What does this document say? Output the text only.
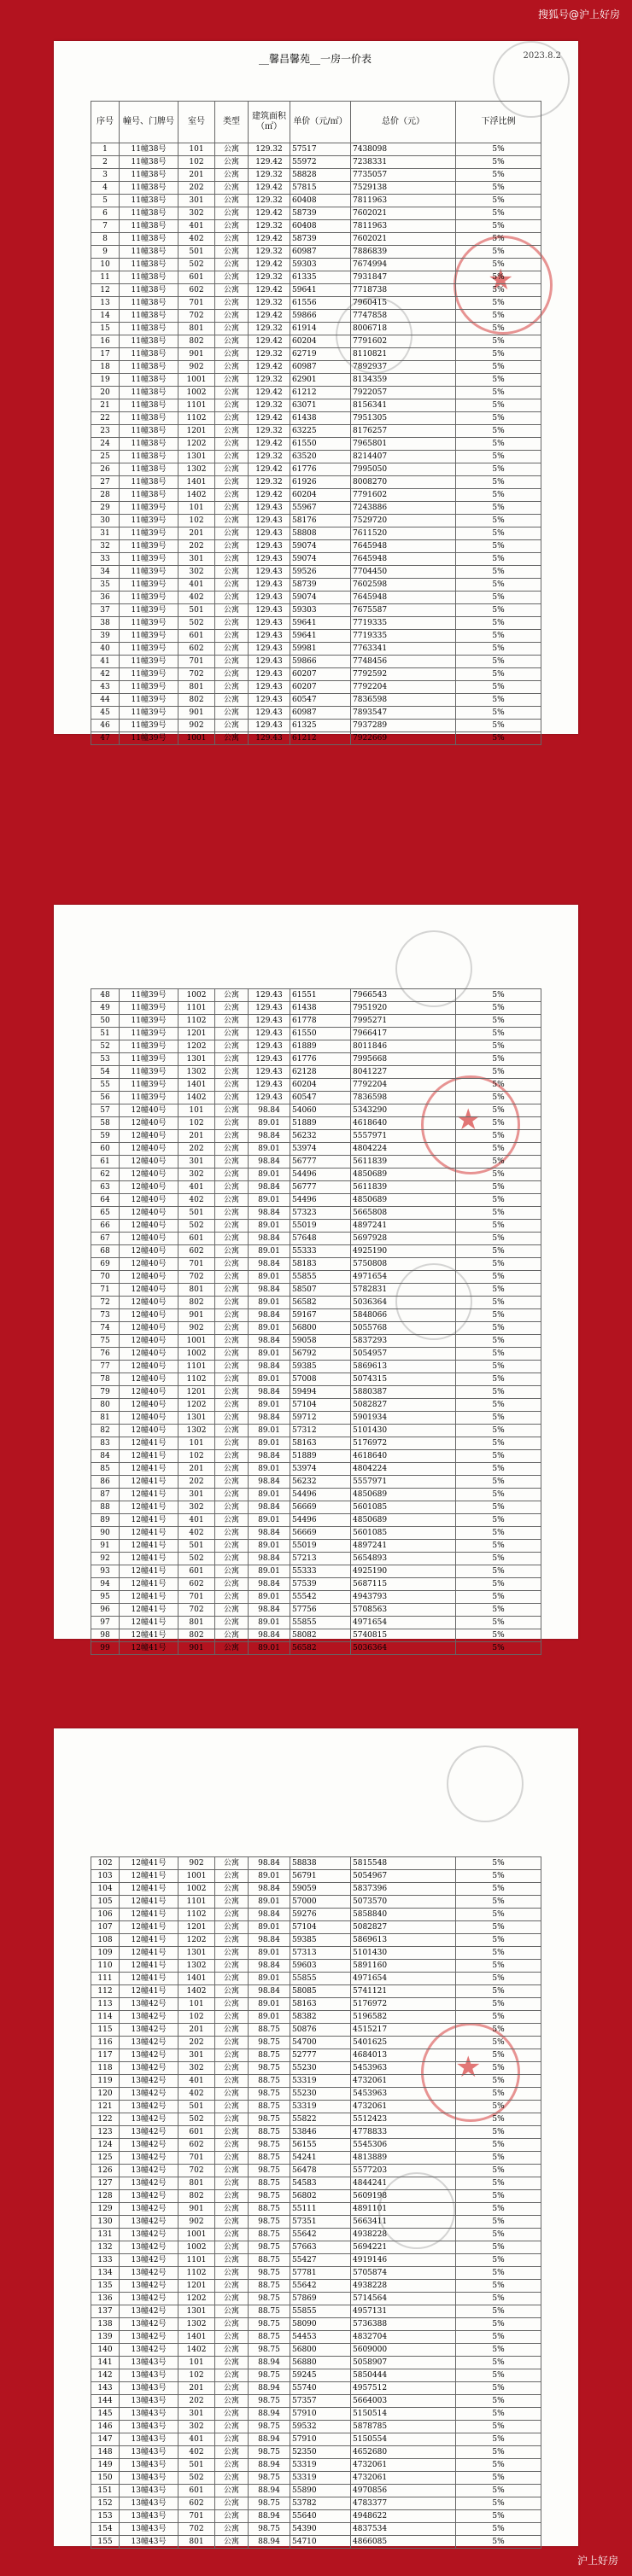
搜狐号@沪上好房
__馨昌馨苑__一房一价表	2023.8.2
★
序号	幢号、门牌号	室号	类型	建筑面积（㎡）	单价（元/㎡）	总价（元）	下浮比例
1	11幢38号	101	公寓	129.32	57517	7438098	5%
2	11幢38号	102	公寓	129.42	55972	7238331	5%
3	11幢38号	201	公寓	129.32	58828	7735057	5%
4	11幢38号	202	公寓	129.42	57815	7529138	5%
5	11幢38号	301	公寓	129.32	60408	7811963	5%
6	11幢38号	302	公寓	129.42	58739	7602021	5%
7	11幢38号	401	公寓	129.32	60408	7811963	5%
8	11幢38号	402	公寓	129.42	58739	7602021	5%
9	11幢38号	501	公寓	129.32	60987	7886839	5%
10	11幢38号	502	公寓	129.42	59303	7674994	5%
11	11幢38号	601	公寓	129.32	61335	7931847	5%
12	11幢38号	602	公寓	129.42	59641	7718738	5%
13	11幢38号	701	公寓	129.32	61556	7960415	5%
14	11幢38号	702	公寓	129.42	59866	7747858	5%
15	11幢38号	801	公寓	129.32	61914	8006718	5%
16	11幢38号	802	公寓	129.42	60204	7791602	5%
17	11幢38号	901	公寓	129.32	62719	8110821	5%
18	11幢38号	902	公寓	129.42	60987	7892937	5%
19	11幢38号	1001	公寓	129.32	62901	8134359	5%
20	11幢38号	1002	公寓	129.42	61212	7922057	5%
21	11幢38号	1101	公寓	129.32	63071	8156341	5%
22	11幢38号	1102	公寓	129.42	61438	7951305	5%
23	11幢38号	1201	公寓	129.32	63225	8176257	5%
24	11幢38号	1202	公寓	129.42	61550	7965801	5%
25	11幢38号	1301	公寓	129.32	63520	8214407	5%
26	11幢38号	1302	公寓	129.42	61776	7995050	5%
27	11幢38号	1401	公寓	129.32	61926	8008270	5%
28	11幢38号	1402	公寓	129.42	60204	7791602	5%
29	11幢39号	101	公寓	129.43	55967	7243886	5%
30	11幢39号	102	公寓	129.43	58176	7529720	5%
31	11幢39号	201	公寓	129.43	58808	7611520	5%
32	11幢39号	202	公寓	129.43	59074	7645948	5%
33	11幢39号	301	公寓	129.43	59074	7645948	5%
34	11幢39号	302	公寓	129.43	59526	7704450	5%
35	11幢39号	401	公寓	129.43	58739	7602598	5%
36	11幢39号	402	公寓	129.43	59074	7645948	5%
37	11幢39号	501	公寓	129.43	59303	7675587	5%
38	11幢39号	502	公寓	129.43	59641	7719335	5%
39	11幢39号	601	公寓	129.43	59641	7719335	5%
40	11幢39号	602	公寓	129.43	59981	7763341	5%
41	11幢39号	701	公寓	129.43	59866	7748456	5%
42	11幢39号	702	公寓	129.43	60207	7792592	5%
43	11幢39号	801	公寓	129.43	60207	7792204	5%
44	11幢39号	802	公寓	129.43	60547	7836598	5%
45	11幢39号	901	公寓	129.43	60987	7893547	5%
46	11幢39号	902	公寓	129.43	61325	7937289	5%
47	11幢39号	1001	公寓	129.43	61212	7922669	5%
★
48	11幢39号	1002	公寓	129.43	61551	7966543	5%
49	11幢39号	1101	公寓	129.43	61438	7951920	5%
50	11幢39号	1102	公寓	129.43	61778	7995271	5%
51	11幢39号	1201	公寓	129.43	61550	7966417	5%
52	11幢39号	1202	公寓	129.43	61889	8011846	5%
53	11幢39号	1301	公寓	129.43	61776	7995668	5%
54	11幢39号	1302	公寓	129.43	62128	8041227	5%
55	11幢39号	1401	公寓	129.43	60204	7792204	5%
56	11幢39号	1402	公寓	129.43	60547	7836598	5%
57	12幢40号	101	公寓	98.84	54060	5343290	5%
58	12幢40号	102	公寓	89.01	51889	4618640	5%
59	12幢40号	201	公寓	98.84	56232	5557971	5%
60	12幢40号	202	公寓	89.01	53974	4804224	5%
61	12幢40号	301	公寓	98.84	56777	5611839	5%
62	12幢40号	302	公寓	89.01	54496	4850689	5%
63	12幢40号	401	公寓	98.84	56777	5611839	5%
64	12幢40号	402	公寓	89.01	54496	4850689	5%
65	12幢40号	501	公寓	98.84	57323	5665808	5%
66	12幢40号	502	公寓	89.01	55019	4897241	5%
67	12幢40号	601	公寓	98.84	57648	5697928	5%
68	12幢40号	602	公寓	89.01	55333	4925190	5%
69	12幢40号	701	公寓	98.84	58183	5750808	5%
70	12幢40号	702	公寓	89.01	55855	4971654	5%
71	12幢40号	801	公寓	98.84	58507	5782831	5%
72	12幢40号	802	公寓	89.01	56582	5036364	5%
73	12幢40号	901	公寓	98.84	59167	5848066	5%
74	12幢40号	902	公寓	89.01	56800	5055768	5%
75	12幢40号	1001	公寓	98.84	59058	5837293	5%
76	12幢40号	1002	公寓	89.01	56792	5054957	5%
77	12幢40号	1101	公寓	98.84	59385	5869613	5%
78	12幢40号	1102	公寓	89.01	57008	5074315	5%
79	12幢40号	1201	公寓	98.84	59494	5880387	5%
80	12幢40号	1202	公寓	89.01	57104	5082827	5%
81	12幢40号	1301	公寓	98.84	59712	5901934	5%
82	12幢40号	1302	公寓	89.01	57312	5101430	5%
83	12幢41号	101	公寓	89.01	58163	5176972	5%
84	12幢41号	102	公寓	98.84	51889	4618640	5%
85	12幢41号	201	公寓	89.01	53974	4804224	5%
86	12幢41号	202	公寓	98.84	56232	5557971	5%
87	12幢41号	301	公寓	89.01	54496	4850689	5%
88	12幢41号	302	公寓	98.84	56669	5601085	5%
89	12幢41号	401	公寓	89.01	54496	4850689	5%
90	12幢41号	402	公寓	98.84	56669	5601085	5%
91	12幢41号	501	公寓	89.01	55019	4897241	5%
92	12幢41号	502	公寓	98.84	57213	5654893	5%
93	12幢41号	601	公寓	89.01	55333	4925190	5%
94	12幢41号	602	公寓	98.84	57539	5687115	5%
95	12幢41号	701	公寓	89.01	55542	4943793	5%
96	12幢41号	702	公寓	98.84	57756	5708563	5%
97	12幢41号	801	公寓	89.01	55855	4971654	5%
98	12幢41号	802	公寓	98.84	58082	5740815	5%
99	12幢41号	901	公寓	89.01	56582	5036364	5%
★
102	12幢41号	902	公寓	98.84	58838	5815548	5%
103	12幢41号	1001	公寓	89.01	56791	5054967	5%
104	12幢41号	1002	公寓	98.84	59059	5837396	5%
105	12幢41号	1101	公寓	89.01	57000	5073570	5%
106	12幢41号	1102	公寓	98.84	59276	5858840	5%
107	12幢41号	1201	公寓	89.01	57104	5082827	5%
108	12幢41号	1202	公寓	98.84	59385	5869613	5%
109	12幢41号	1301	公寓	89.01	57313	5101430	5%
110	12幢41号	1302	公寓	98.84	59603	5891160	5%
111	12幢41号	1401	公寓	89.01	55855	4971654	5%
112	12幢41号	1402	公寓	98.84	58085	5741121	5%
113	13幢42号	101	公寓	89.01	58163	5176972	5%
114	13幢42号	102	公寓	89.01	58382	5196582	5%
115	13幢42号	201	公寓	88.75	50876	4515217	5%
116	13幢42号	202	公寓	98.75	54700	5401625	5%
117	13幢42号	301	公寓	88.75	52777	4684013	5%
118	13幢42号	302	公寓	98.75	55230	5453963	5%
119	13幢42号	401	公寓	88.75	53319	4732061	5%
120	13幢42号	402	公寓	98.75	55230	5453963	5%
121	13幢42号	501	公寓	88.75	53319	4732061	5%
122	13幢42号	502	公寓	98.75	55822	5512423	5%
123	13幢42号	601	公寓	88.75	53846	4778833	5%
124	13幢42号	602	公寓	98.75	56155	5545306	5%
125	13幢42号	701	公寓	88.75	54241	4813889	5%
126	13幢42号	702	公寓	98.75	56478	5577203	5%
127	13幢42号	801	公寓	88.75	54583	4844241	5%
128	13幢42号	802	公寓	98.75	56802	5609198	5%
129	13幢42号	901	公寓	88.75	55111	4891101	5%
130	13幢42号	902	公寓	98.75	57351	5663411	5%
131	13幢42号	1001	公寓	88.75	55642	4938228	5%
132	13幢42号	1002	公寓	98.75	57663	5694221	5%
133	13幢42号	1101	公寓	88.75	55427	4919146	5%
134	13幢42号	1102	公寓	98.75	57781	5705874	5%
135	13幢42号	1201	公寓	88.75	55642	4938228	5%
136	13幢42号	1202	公寓	98.75	57869	5714564	5%
137	13幢42号	1301	公寓	88.75	55855	4957131	5%
138	13幢42号	1302	公寓	98.75	58090	5736388	5%
139	13幢42号	1401	公寓	88.75	54453	4832704	5%
140	13幢42号	1402	公寓	98.75	56800	5609000	5%
141	13幢43号	101	公寓	88.94	56880	5058907	5%
142	13幢43号	102	公寓	98.75	59245	5850444	5%
143	13幢43号	201	公寓	88.94	55740	4957512	5%
144	13幢43号	202	公寓	98.75	57357	5664003	5%
145	13幢43号	301	公寓	88.94	57910	5150514	5%
146	13幢43号	302	公寓	98.75	59532	5878785	5%
147	13幢43号	401	公寓	88.94	57910	5150554	5%
148	13幢43号	402	公寓	98.75	52350	4652680	5%
149	13幢43号	501	公寓	88.94	53319	4732061	5%
150	13幢43号	502	公寓	98.75	53319	4732061	5%
151	13幢43号	601	公寓	88.94	55890	4970856	5%
152	13幢43号	602	公寓	98.75	53782	4783377	5%
153	13幢43号	701	公寓	88.94	55640	4948622	5%
154	13幢43号	702	公寓	98.75	54390	4837534	5%
155	13幢43号	801	公寓	88.94	54710	4866085	5%
沪上好房
